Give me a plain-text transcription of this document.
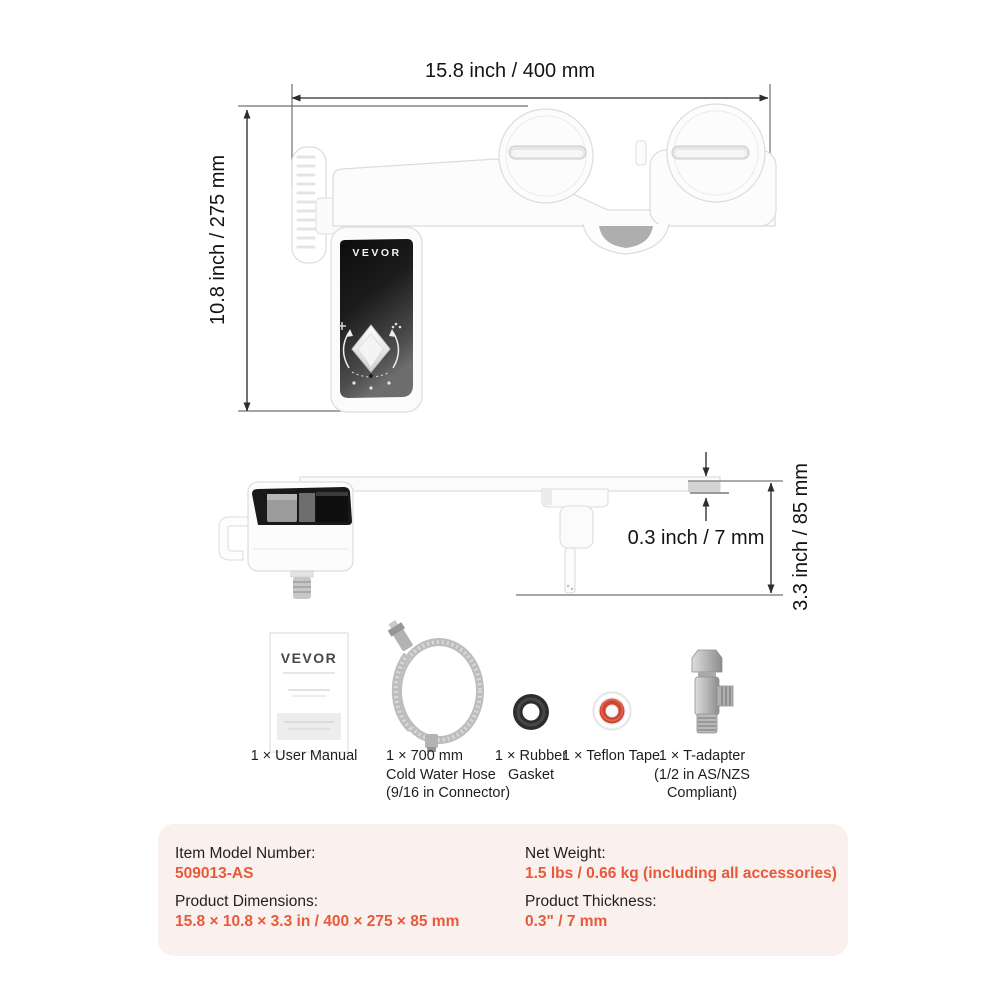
15.8 inch / 400 mm
10.8 inch / 275 mm
0.3 inch / 7 mm	3.3 inch / 85 mm
VEVOR
VEVOR
1 × User Manual	1 × 700 mm
Cold Water Hose
(9/16 in Connector)
1 × Rubber
Gasket
1 × Teflon Tape
1 × T-adapter
(1/2 in AS/NZS
Compliant)
Item Model Number:
509013-AS
Product Dimensions:
15.8 × 10.8 × 3.3 in / 400 × 275 × 85 mm
Net Weight:
1.5 lbs / 0.66 kg (including all accessories)
Product Thickness:
0.3" / 7 mm
